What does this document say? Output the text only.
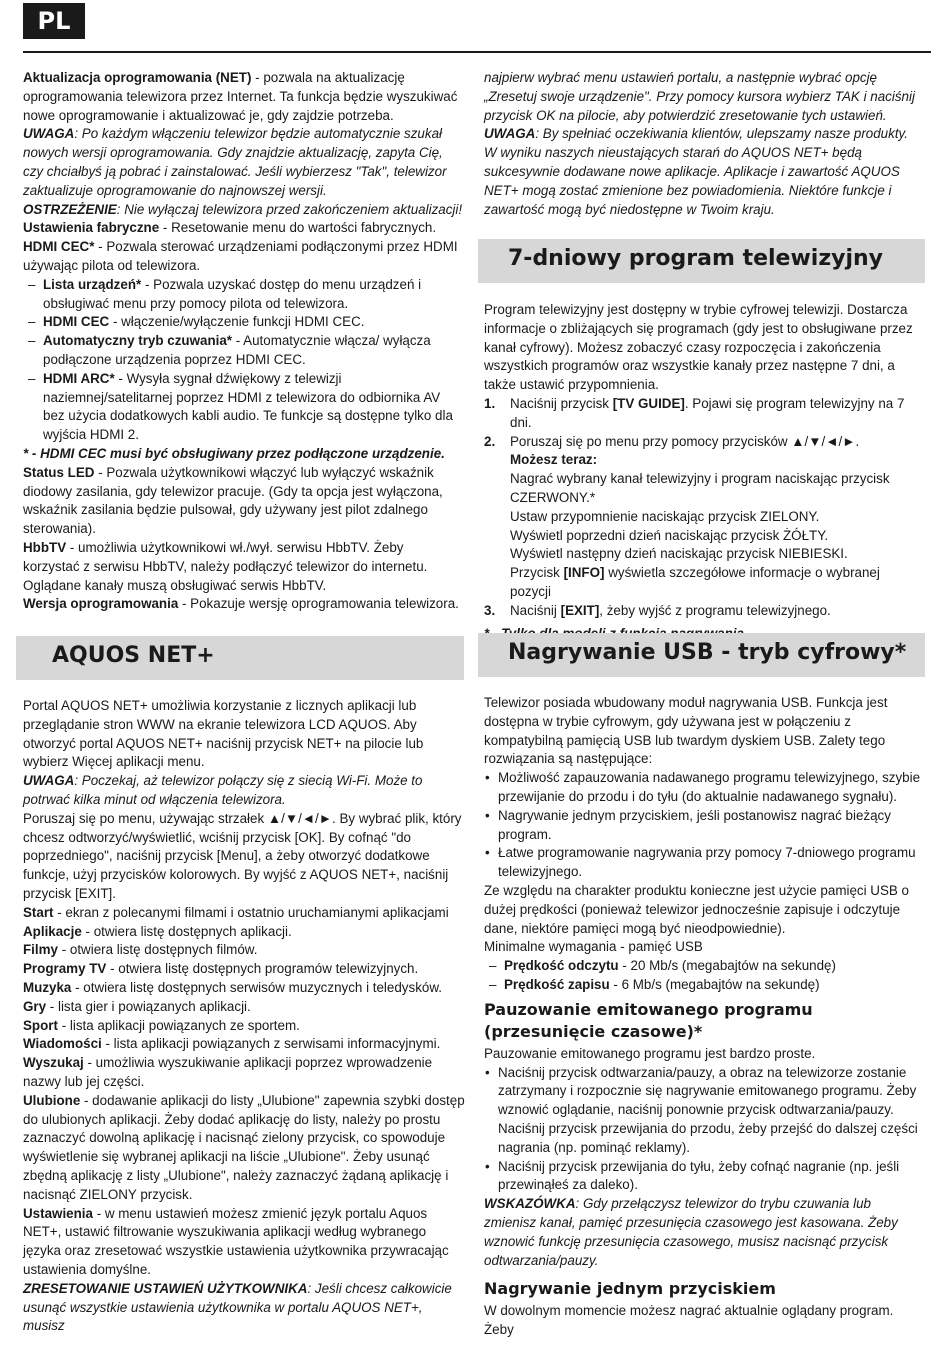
PL

Aktualizacja oprogramowania (NET) - pozwala na aktualizację oprogramowania telewizora przez Internet. Ta funkcja będzie wyszukiwać nowe oprogramowanie i aktualizować je, gdy zajdzie potrzeba.

UWAGA: Po każdym włączeniu telewizor będzie automatycznie szukał nowych wersji oprogramowania. Gdy znajdzie aktualizację, zapyta Cię, czy chciałbyś ją pobrać i zainstalować. Jeśli wybierzesz "Tak", telewizor zaktualizuje oprogramowanie do najnowszej wersji.

OSTRZEŻENIE: Nie wyłączaj telewizora przed zakończeniem aktualizacji!

Ustawienia fabryczne - Resetowanie menu do wartości fabrycznych.

HDMI CEC* - Pozwala sterować urządzeniami podłączonymi przez HDMI używając pilota od telewizora.

– Lista urządzeń* - Pozwala uzyskać dostęp do menu urządzeń i obsługiwać menu przy pomocy pilota od telewizora.

– HDMI CEC - włączenie/wyłączenie funkcji HDMI CEC.

– Automatyczny tryb czuwania* - Automatycznie włącza/ wyłącza podłączone urządzenia poprzez HDMI CEC.

– HDMI ARC* - Wysyła sygnał dźwiękowy z telewizji naziemnej/satelitarnej poprzez HDMI z telewizora do odbiornika AV bez użycia dodatkowych kabli audio. Te funkcje są dostępne tylko dla wyjścia HDMI 2.

* - HDMI CEC musi być obsługiwany przez podłączone urządzenie.

Status LED - Pozwala użytkownikowi włączyć lub wyłączyć wskaźnik diodowy zasilania, gdy telewizor pracuje. (Gdy ta opcja jest wyłączona, wskaźnik zasilania będzie pulsował, gdy używany jest pilot zdalnego sterowania).

HbbTV - umożliwia użytkownikowi wł./wył. serwisu HbbTV. Żeby korzystać z serwisu HbbTV, należy podłączyć telewizor do internetu. Oglądane kanały muszą obsługiwać serwis HbbTV.

Wersja oprogramowania - Pokazuje wersję oprogramowania telewizora.

AQUOS NET+

Portal AQUOS NET+ umożliwia korzystanie z licznych aplikacji lub przeglądanie stron WWW na ekranie telewizora LCD AQUOS. Aby otworzyć portal AQUOS NET+ naciśnij przycisk NET+ na pilocie lub wybierz Więcej aplikacji menu.

UWAGA: Poczekaj, aż telewizor połączy się z siecią Wi-Fi. Może to potrwać kilka minut od włączenia telewizora.

Poruszaj się po menu, używając strzałek ▲/▼/◄/►. By wybrać plik, który chcesz odtworzyć/wyświetlić, wciśnij przycisk [OK]. By cofnąć "do poprzedniego", naciśnij przycisk [Menu], a żeby otworzyć dodatkowe funkcje, użyj przycisków kolorowych. By wyjść z AQUOS NET+, naciśnij przycisk [EXIT].

Start - ekran z polecanymi filmami i ostatnio uruchamianymi aplikacjami

Aplikacje - otwiera listę dostępnych aplikacji.

Filmy - otwiera listę dostępnych filmów.

Programy TV - otwiera listę dostępnych programów telewizyjnych.

Muzyka - otwiera listę dostępnych serwisów muzycznych i teledysków.

Gry - lista gier i powiązanych aplikacji.

Sport - lista aplikacji powiązanych ze sportem.

Wiadomości - lista aplikacji powiązanych z serwisami informacyjnymi.

Wyszukaj - umożliwia wyszukiwanie aplikacji poprzez wprowadzenie nazwy lub jej części.

Ulubione - dodawanie aplikacji do listy „Ulubione" zapewnia szybki dostęp do ulubionych aplikacji. Żeby dodać aplikację do listy, należy po prostu zaznaczyć dowolną aplikację i nacisnąć zielony przycisk, co spowoduje wyświetlenie się wybranej aplikacji na liście „Ulubione". Żeby usunąć zbędną aplikację z listy „Ulubione", należy zaznaczyć żądaną aplikację i nacisnąć ZIELONY przycisk.

Ustawienia - w menu ustawień możesz zmienić język portalu Aquos NET+, ustawić filtrowanie wyszukiwania aplikacji według wybranego języka oraz zresetować wszystkie ustawienia użytkownika przywracając ustawienia domyślne.

ZRESETOWANIE USTAWIEŃ UŻYTKOWNIKA: Jeśli chcesz całkowicie usunąć wszystkie ustawienia użytkownika w portalu AQUOS NET+, musisz

najpierw wybrać menu ustawień portalu, a następnie wybrać opcję „Zresetuj swoje urządzenie". Przy pomocy kursora wybierz TAK i naciśnij przycisk OK na pilocie, aby potwierdzić zresetowanie tych ustawień.

UWAGA: By spełniać oczekiwania klientów, ulepszamy nasze produkty. W wyniku naszych nieustających starań do AQUOS NET+ będą sukcesywnie dodawane nowe aplikacje. Aplikacje i zawartość AQUOS NET+ mogą zostać zmienione bez powiadomienia. Niektóre funkcje i zawartość mogą być niedostępne w Twoim kraju.

7-dniowy program telewizyjny

Program telewizyjny jest dostępny w trybie cyfrowej telewizji. Dostarcza informacje o zbliżających się programach (gdy jest to obsługiwane przez kanał cyfrowy). Możesz zobaczyć czasy rozpoczęcia i zakończenia wszystkich programów oraz wszystkie kanały przez następne 7 dni, a także ustawić przypomnienia.

1. Naciśnij przycisk [TV GUIDE]. Pojawi się program telewizyjny na 7 dni.

2. Poruszaj się po menu przy pomocy przycisków ▲/▼/◄/►.

Możesz teraz:

Nagrać wybrany kanał telewizyjny i program naciskając przycisk CZERWONY.*

Ustaw przypomnienie naciskając przycisk ZIELONY.

Wyświetl poprzedni dzień naciskając przycisk ŻÓŁTY.

Wyświetl następny dzień naciskając przycisk NIEBIESKI.

Przycisk [INFO] wyświetla szczegółowe informacje o wybranej pozycji

3. Naciśnij [EXIT], żeby wyjść z programu telewizyjnego.

Nagrywanie USB - tryb cyfrowy*

Telewizor posiada wbudowany moduł nagrywania USB. Funkcja jest dostępna w trybie cyfrowym, gdy używana jest w połączeniu z kompatybilną pamięcią USB lub twardym dyskiem USB. Zalety tego rozwiązania są następujące:

• Możliwość zapauzowania nadawanego programu telewizyjnego, szybie przewijanie do przodu i do tyłu (do aktualnie nadawanego sygnału).

• Nagrywanie jednym przyciskiem, jeśli postanowisz nagrać bieżący program.

• Łatwe programowanie nagrywania przy pomocy 7-dniowego programu telewizyjnego.

Ze względu na charakter produktu konieczne jest użycie pamięci USB o dużej prędkości (ponieważ telewizor jednocześnie zapisuje i odczytuje dane, niektóre pamięci mogą być nieodpowiednie).

Minimalne wymagania - pamięć USB

– Prędkość odczytu - 20 Mb/s (megabajtów na sekundę)

– Prędkość zapisu - 6 Mb/s (megabajtów na sekundę)

Pauzowanie emitowanego programu (przesunięcie czasowe)*

Pauzowanie emitowanego programu jest bardzo proste.

• Naciśnij przycisk odtwarzania/pauzy, a obraz na telewizorze zostanie zatrzymany i rozpocznie się nagrywanie emitowanego programu. Żeby wznowić oglądanie, naciśnij ponownie przycisk odtwarzania/pauzy. Naciśnij przycisk przewijania do przodu, żeby przejść do dalszej części nagrania (np. pominąć reklamy).

• Naciśnij przycisk przewijania do tyłu, żeby cofnąć nagranie (np. jeśli przewinąłeś za daleko).

WSKAZÓWKA: Gdy przełączysz telewizor do trybu czuwania lub zmienisz kanał, pamięć przesunięcia czasowego jest kasowana. Żeby wznowić funkcję przesunięcia czasowego, musisz nacisnąć przycisk odtwarzania/pauzy.

Nagrywanie jednym przyciskiem

W dowolnym momencie możesz nagrać aktualnie oglądany program. Żeby
